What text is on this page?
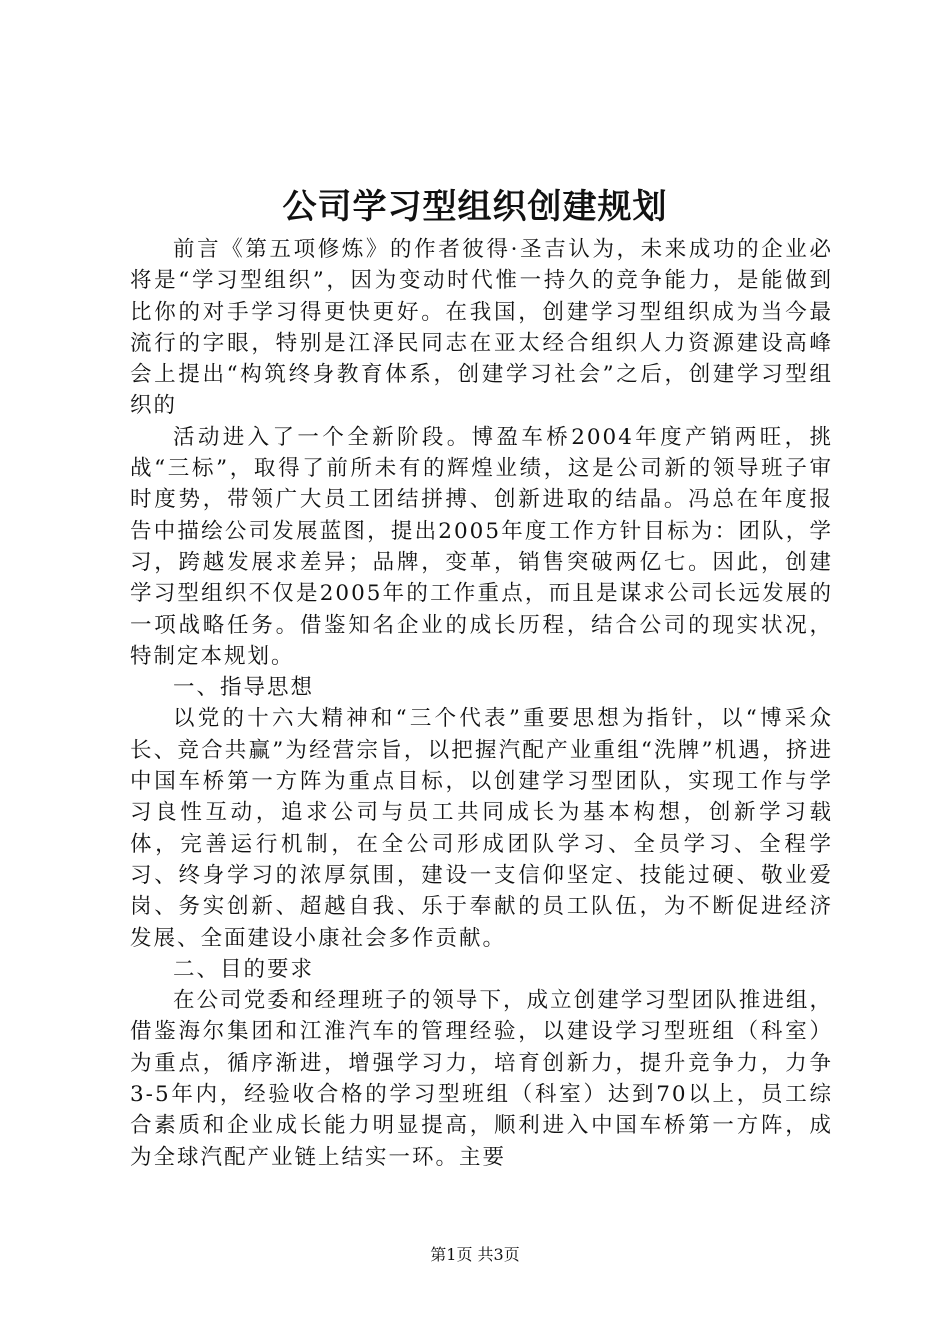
公司学习型组织创建规划

前言《第五项修炼》的作者彼得·圣吉认为，未来成功的企业必将是“学习型组织”，因为变动时代惟一持久的竞争能力，是能做到比你的对手学习得更快更好。在我国，创建学习型组织成为当今最流行的字眼，特别是江泽民同志在亚太经合组织人力资源建设高峰会上提出“构筑终身教育体系，创建学习社会”之后，创建学习型组织的

活动进入了一个全新阶段。博盈车桥2004年度产销两旺，挑战“三标”，取得了前所未有的辉煌业绩，这是公司新的领导班子审时度势，带领广大员工团结拼搏、创新进取的结晶。冯总在年度报告中描绘公司发展蓝图，提出2005年度工作方针目标为：团队，学习，跨越发展求差异；品牌，变革，销售突破两亿七。因此，创建学习型组织不仅是2005年的工作重点，而且是谋求公司长远发展的一项战略任务。借鉴知名企业的成长历程，结合公司的现实状况，特制定本规划。

一、指导思想

以党的十六大精神和“三个代表”重要思想为指针，以“博采众长、竞合共赢”为经营宗旨，以把握汽配产业重组“洗牌”机遇，挤进中国车桥第一方阵为重点目标，以创建学习型团队，实现工作与学习良性互动，追求公司与员工共同成长为基本构想，创新学习载体，完善运行机制，在全公司形成团队学习、全员学习、全程学习、终身学习的浓厚氛围，建设一支信仰坚定、技能过硬、敬业爱岗、务实创新、超越自我、乐于奉献的员工队伍，为不断促进经济发展、全面建设小康社会多作贡献。

二、目的要求

在公司党委和经理班子的领导下，成立创建学习型团队推进组，借鉴海尔集团和江淮汽车的管理经验，以建设学习型班组（科室）为重点，循序渐进，增强学习力，培育创新力，提升竞争力，力争3-5年内，经验收合格的学习型班组（科室）达到70以上，员工综合素质和企业成长能力明显提高，顺利进入中国车桥第一方阵，成为全球汽配产业链上结实一环。主要

第1页 共3页
